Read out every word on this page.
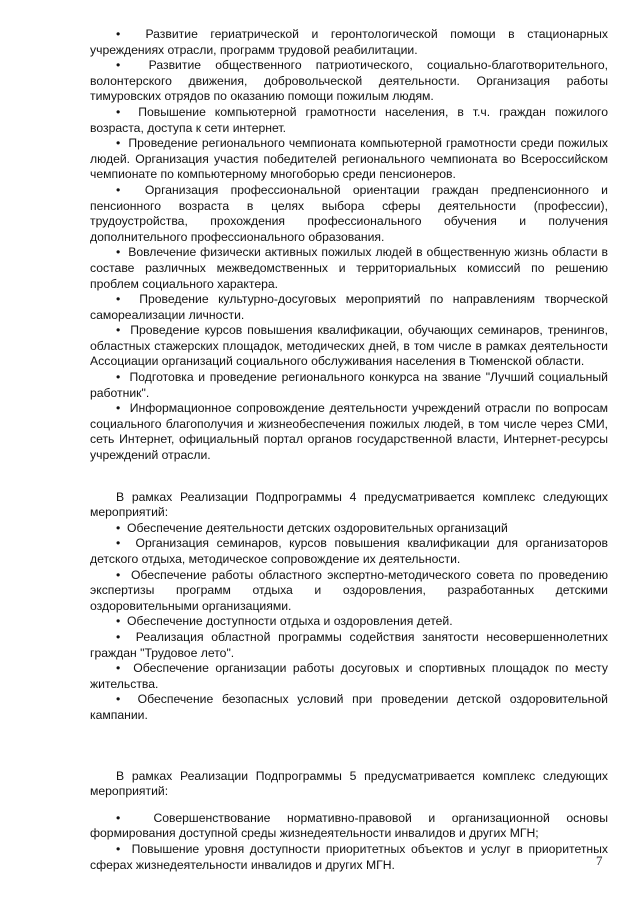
•  Развитие гериатрической и геронтологической помощи в стационарных учреждениях отрасли, программ трудовой реабилитации.

•  Развитие общественного патриотического, социально-благотворительного, волонтерского движения, добровольческой деятельности. Организация работы тимуровских отрядов по оказанию помощи пожилым людям.

•  Повышение компьютерной грамотности населения, в т.ч. граждан пожилого возраста, доступа к сети интернет.

•  Проведение регионального чемпионата компьютерной грамотности среди пожилых людей. Организация участия победителей регионального чемпионата во Всероссийском чемпионате по компьютерному многоборью среди пенсионеров.

•  Организация профессиональной ориентации граждан предпенсионного и пенсионного возраста в целях выбора сферы деятельности (профессии), трудоустройства, прохождения профессионального обучения и получения дополнительного профессионального образования.

•  Вовлечение физически активных пожилых людей в общественную жизнь области в составе различных межведомственных и территориальных комиссий по решению проблем социального характера.

•  Проведение культурно-досуговых мероприятий по направлениям творческой самореализации личности.

•  Проведение курсов повышения квалификации, обучающих семинаров, тренингов, областных стажерских площадок, методических дней, в том числе в рамках деятельности Ассоциации организаций социального обслуживания населения в Тюменской области.

•  Подготовка и проведение регионального конкурса на звание "Лучший социальный работник".

•  Информационное сопровождение деятельности учреждений отрасли по вопросам социального благополучия и жизнеобеспечения пожилых людей, в том числе через СМИ, сеть Интернет, официальный портал органов государственной власти, Интернет-ресурсы учреждений отрасли.

В рамках Реализации Подпрограммы 4 предусматривается комплекс следующих мероприятий:

•  Обеспечение деятельности детских оздоровительных организаций

•  Организация семинаров, курсов повышения квалификации для организаторов детского отдыха, методическое сопровождение их деятельности.

•  Обеспечение работы областного экспертно-методического совета по проведению экспертизы программ отдыха и оздоровления, разработанных детскими оздоровительными организациями.

•  Обеспечение доступности отдыха и оздоровления детей.

•  Реализация областной программы содействия занятости несовершеннолетних граждан "Трудовое лето".

•  Обеспечение организации работы досуговых и спортивных площадок по месту жительства.

•  Обеспечение безопасных условий при проведении детской оздоровительной кампании.

В рамках Реализации Подпрограммы 5 предусматривается комплекс следующих мероприятий:

•  Совершенствование нормативно-правовой и организационной основы формирования доступной среды жизнедеятельности инвалидов и других МГН;

•  Повышение уровня доступности приоритетных объектов и услуг в приоритетных сферах жизнедеятельности инвалидов и других МГН.	7
